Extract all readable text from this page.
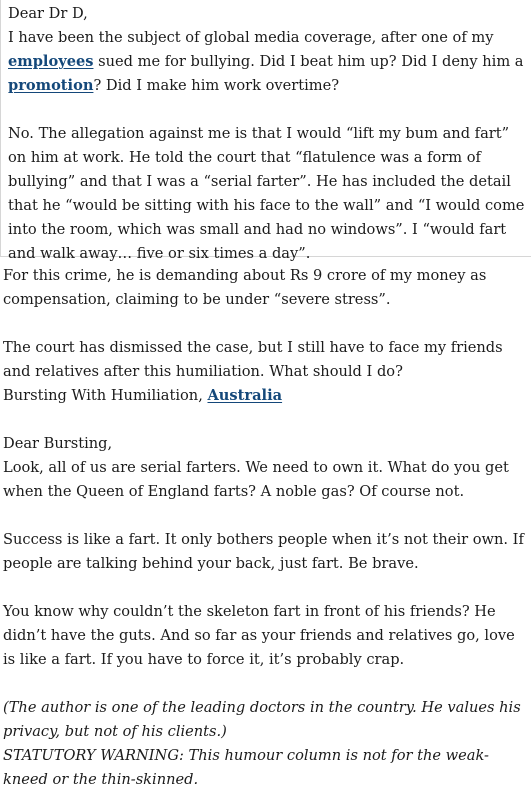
Dear Dr D,

I have been the subject of global media coverage, after one of my employees sued me for bullying. Did I beat him up? Did I deny him a promotion? Did I make him work overtime?

No. The allegation against me is that I would “lift my bum and fart” on him at work. He told the court that “flatulence was a form of bullying” and that I was a “serial farter”. He has included the detail that he “would be sitting with his face to the wall” and “I would come into the room, which was small and had no windows”. I “would fart and walk away… five or six times a day”.

For this crime, he is demanding about Rs 9 crore of my money as compensation, claiming to be under “severe stress”.

The court has dismissed the case, but I still have to face my friends and relatives after this humiliation. What should I do?

Bursting With Humiliation, Australia

Dear Bursting,

Look, all of us are serial farters. We need to own it. What do you get when the Queen of England farts? A noble gas? Of course not.

Success is like a fart. It only bothers people when it’s not their own. If people are talking behind your back, just fart. Be brave.

You know why couldn’t the skeleton fart in front of his friends? He didn’t have the guts. And so far as your friends and relatives go, love is like a fart. If you have to force it, it’s probably crap.

(The author is one of the leading doctors in the country. He values his privacy, but not of his clients.)

STATUTORY WARNING: This humour column is not for the weak-kneed or the thin-skinned.
